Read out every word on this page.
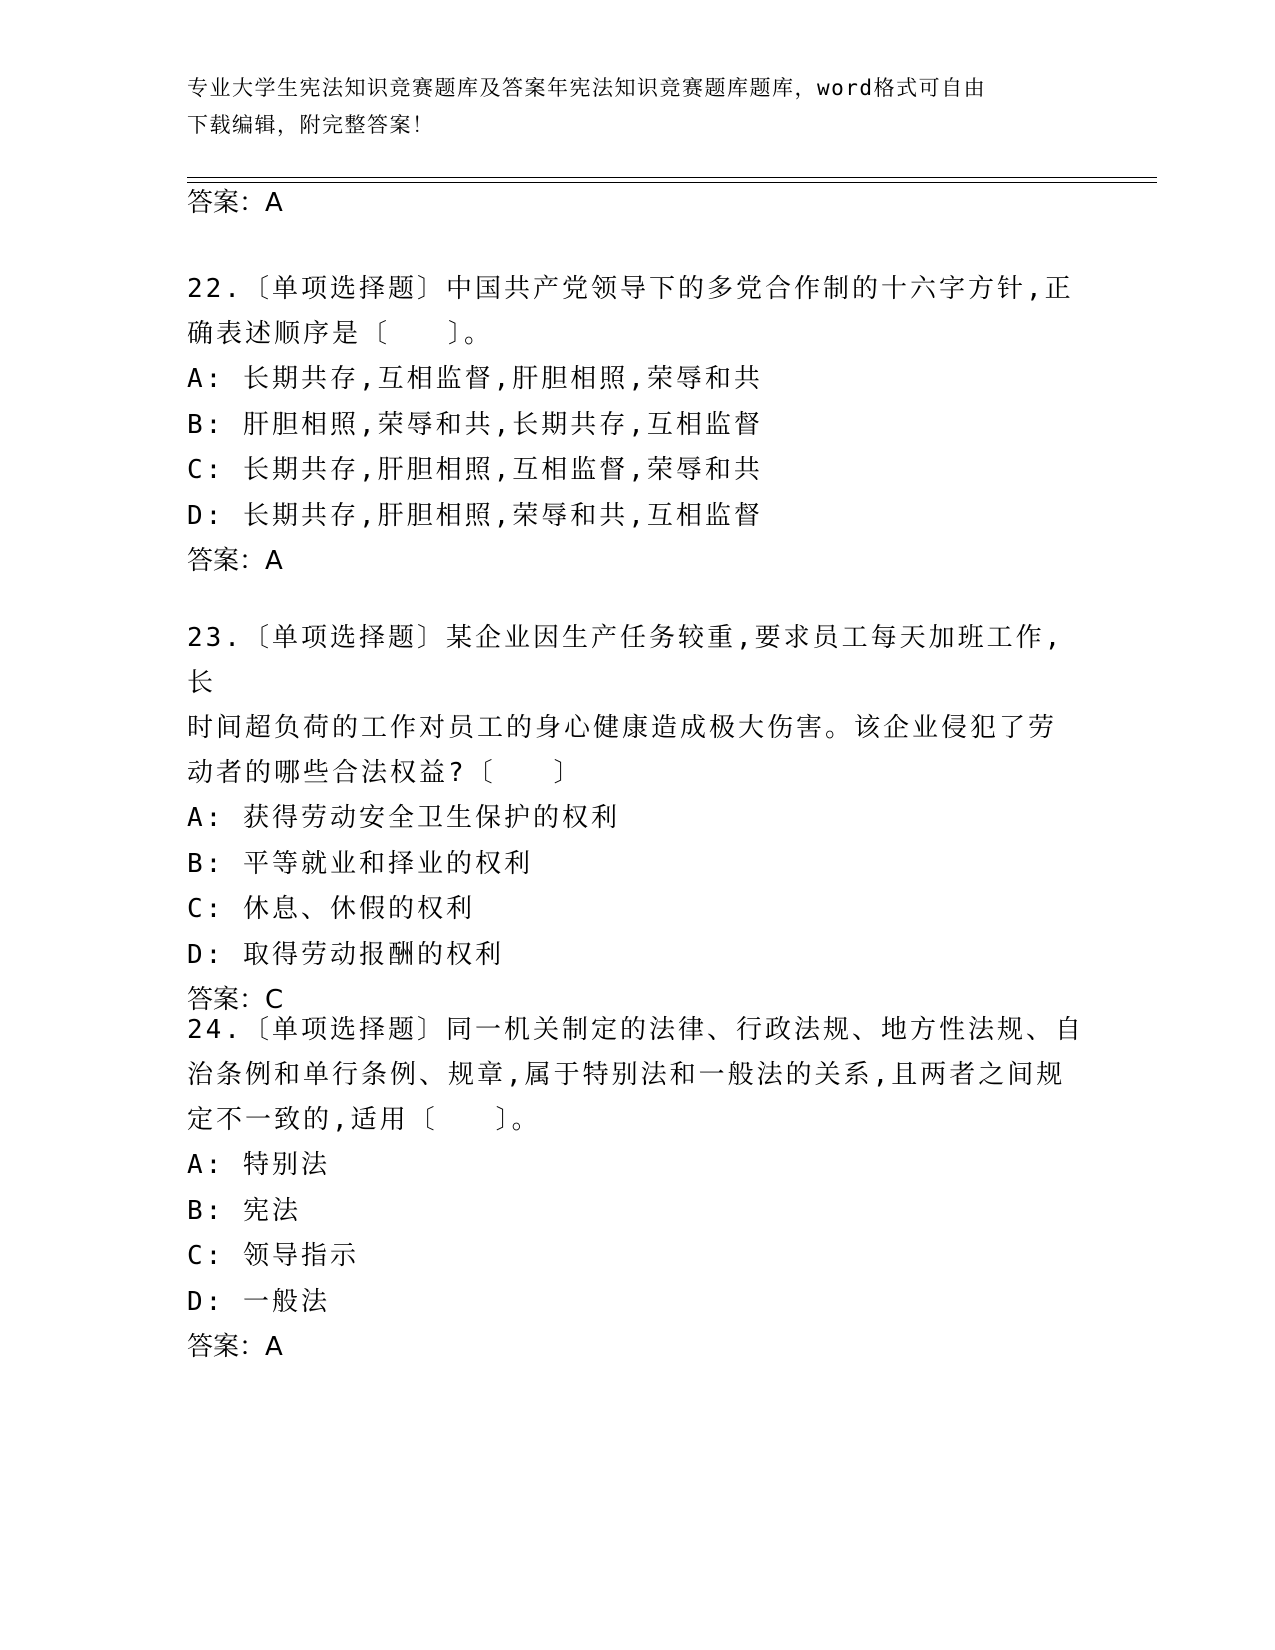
专业大学生宪法知识竞赛题库及答案年宪法知识竞赛题库题库，word格式可自由
下载编辑，附完整答案！
答案：A
22.〔单项选择题〕中国共产党领导下的多党合作制的十六字方针,正
确表述顺序是〔　　〕。
A: 长期共存,互相监督,肝胆相照,荣辱和共
B: 肝胆相照,荣辱和共,长期共存,互相监督
C: 长期共存,肝胆相照,互相监督,荣辱和共
D: 长期共存,肝胆相照,荣辱和共,互相监督
答案：A
23.〔单项选择题〕某企业因生产任务较重,要求员工每天加班工作,长
时间超负荷的工作对员工的身心健康造成极大伤害。该企业侵犯了劳
动者的哪些合法权益?〔　　〕
A: 获得劳动安全卫生保护的权利
B: 平等就业和择业的权利
C: 休息、休假的权利
D: 取得劳动报酬的权利
答案：C
24.〔单项选择题〕同一机关制定的法律、行政法规、地方性法规、自
治条例和单行条例、规章,属于特别法和一般法的关系,且两者之间规
定不一致的,适用〔　　〕。
A: 特别法
B: 宪法
C: 领导指示
D: 一般法
答案：A
